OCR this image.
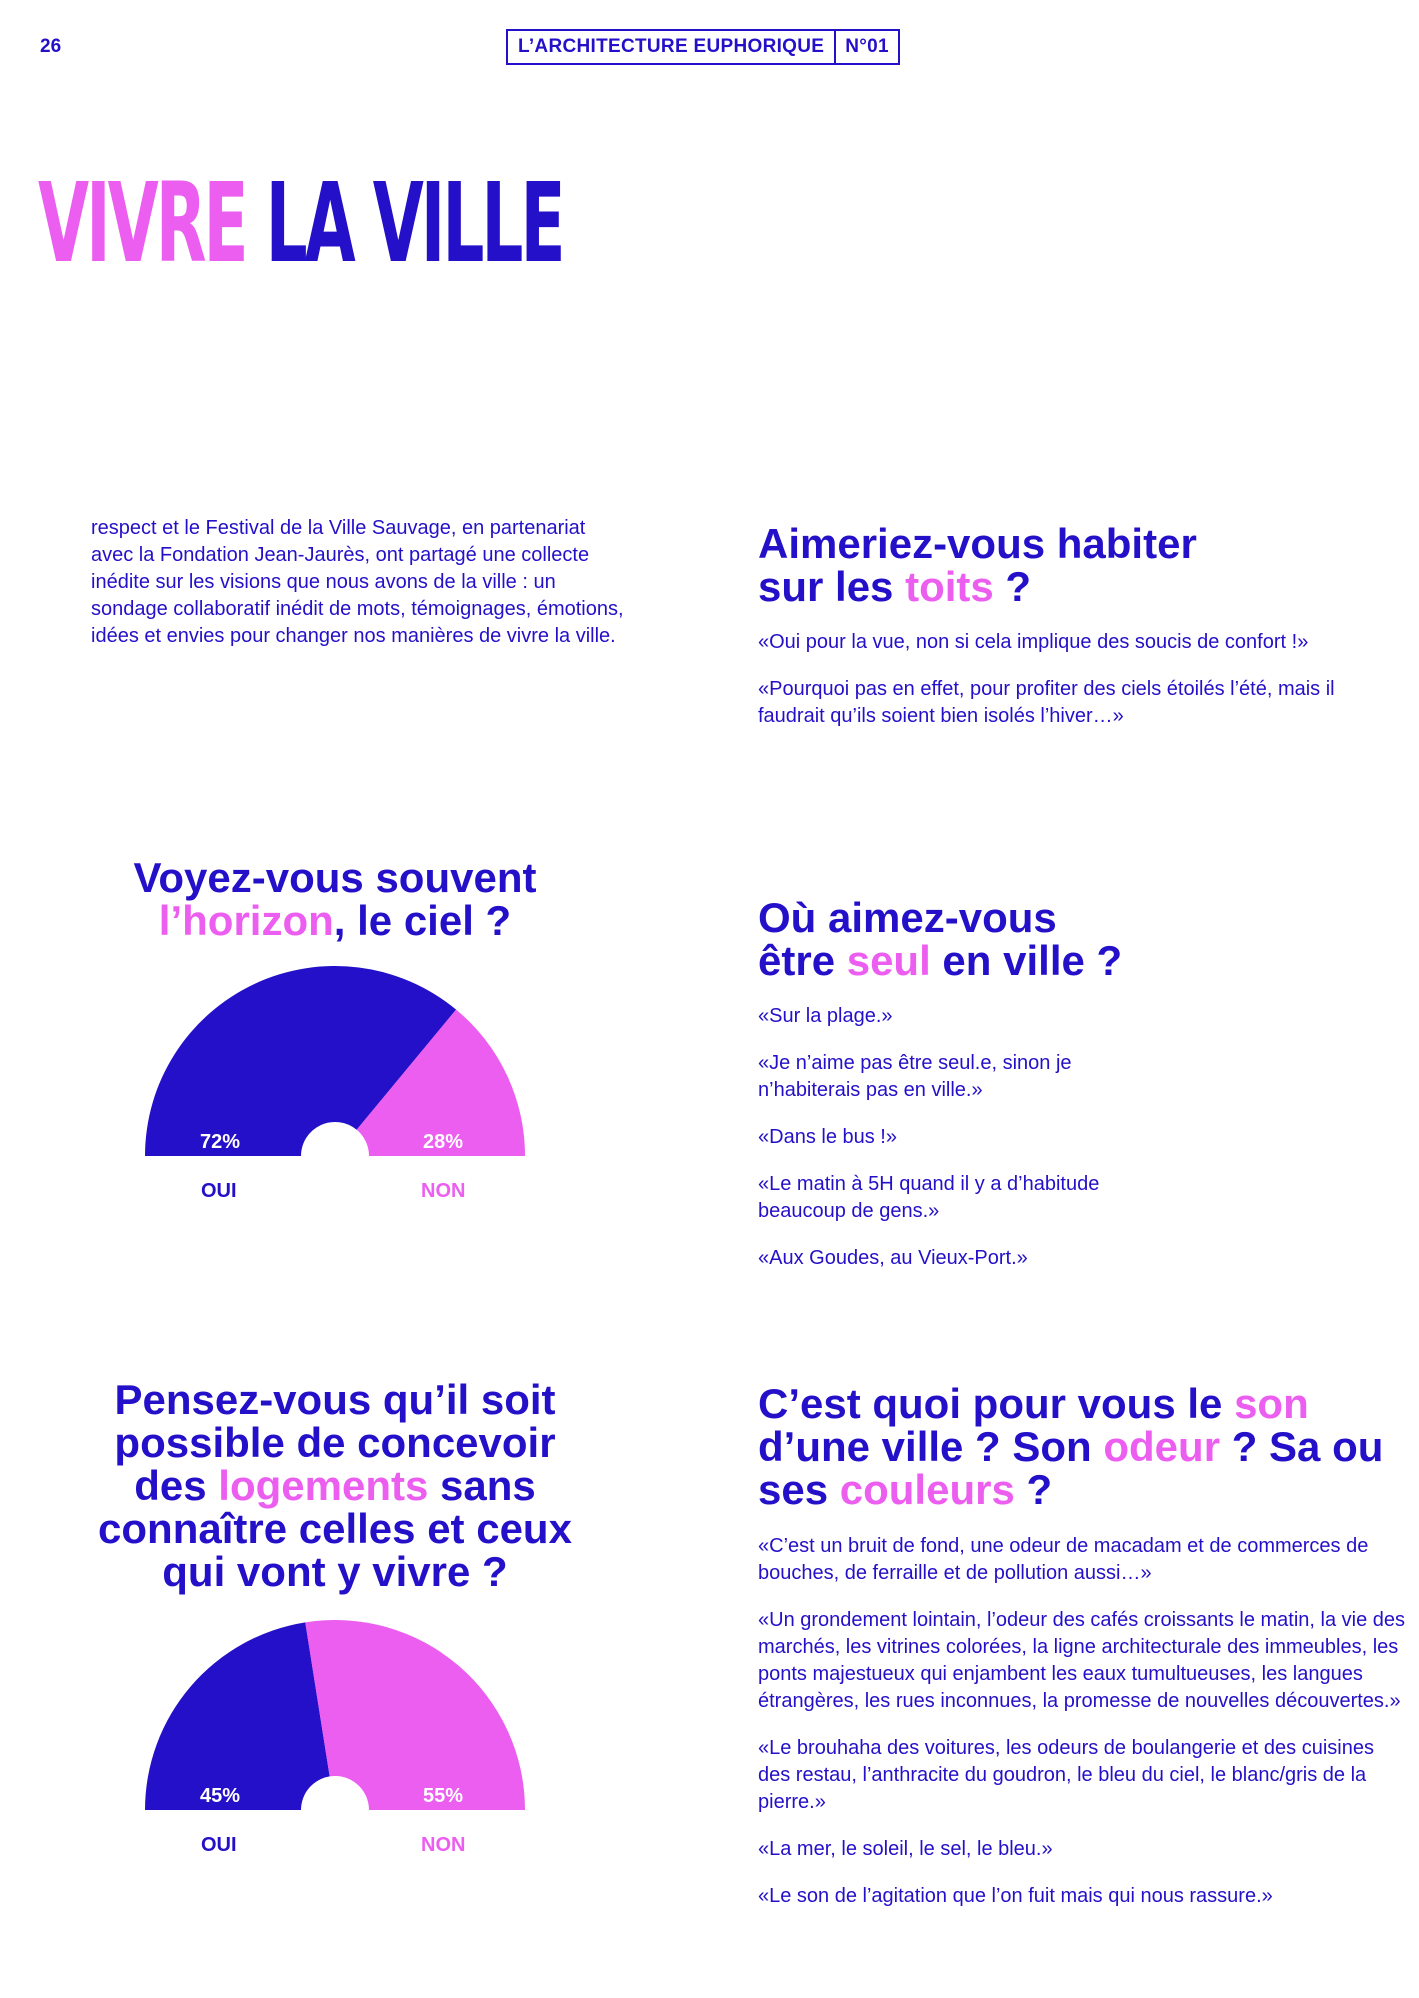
26	L’ARCHITECTURE EUPHORIQUE	N°01
VIVRE LA VILLE

respect et le Festival de la Ville Sauvage, en partenariat avec la Fondation Jean-Jaurès, ont partagé une collecte inédite sur les visions que nous avons de la ville : un sondage collaboratif inédit de mots, témoignages, émotions, idées et envies pour changer nos manières de vivre la ville.

Aimeriez-vous habiter
sur les toits ?

«Oui pour la vue, non si cela implique des soucis de confort !»

«Pourquoi pas en effet, pour profiter des ciels étoilés l’été, mais il faudrait qu’ils soient bien isolés l’hiver…»

Voyez-vous souvent
l’horizon, le ciel ?
72%	28%
OUI	NON
Où aimez-vous
être seul en ville ?

«Sur la plage.»

«Je n’aime pas être seul.e, sinon je n’habiterais pas en ville.»

«Dans le bus !»

«Le matin à 5H quand il y a d’habitude beaucoup de gens.»

«Aux Goudes, au Vieux-Port.»

Pensez-vous qu’il soit possible de concevoir des logements sans connaître celles et ceux qui vont y vivre ?
45%	55%
OUI	NON
C’est quoi pour vous le son d’une ville ? Son odeur ? Sa ou ses couleurs ?

«C’est un bruit de fond, une odeur de macadam et de commerces de bouches, de ferraille et de pollution aussi…»

«Un grondement lointain, l’odeur des cafés croissants le matin, la vie des marchés, les vitrines colorées, la ligne architecturale des immeubles, les ponts majestueux qui enjambent les eaux tumultueuses, les langues étrangères, les rues inconnues, la promesse de nouvelles découvertes.»

«Le brouhaha des voitures, les odeurs de boulangerie et des cuisines des restau, l’anthracite du goudron, le bleu du ciel, le blanc/gris de la pierre.»

«La mer, le soleil, le sel, le bleu.»

«Le son de l’agitation que l’on fuit mais qui nous rassure.»
